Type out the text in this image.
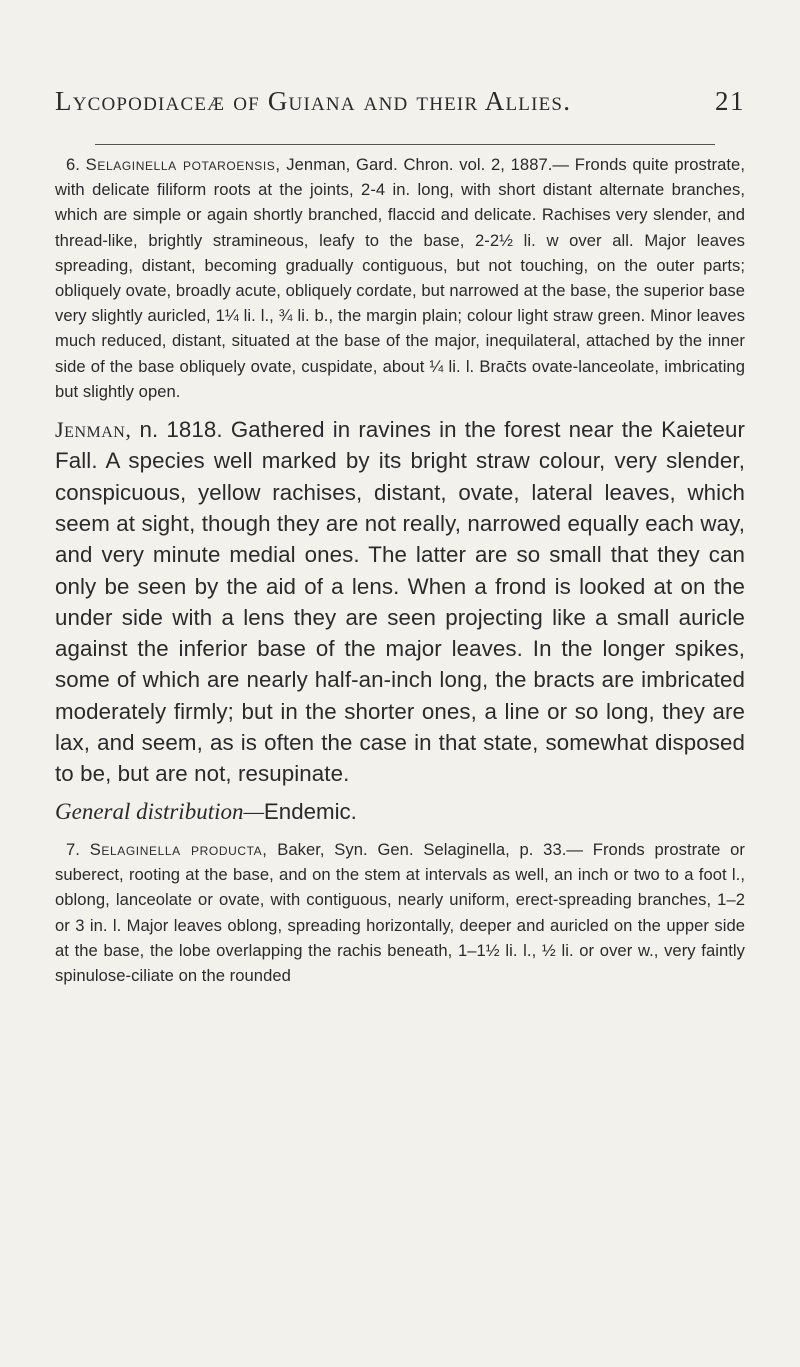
Lycopodiaceæ of Guiana and their Allies.	21

6. Selaginella potaroensis, Jenman, Gard. Chron. vol. 2, 1887.— Fronds quite prostrate, with delicate filiform roots at the joints, 2-4 in. long, with short distant alternate branches, which are simple or again shortly branched, flaccid and delicate. Rachises very slender, and thread-like, brightly stramineous, leafy to the base, 2-2½ li. w over all. Major leaves spreading, distant, becoming gradually contiguous, but not touching, on the outer parts; obliquely ovate, broadly acute, obliquely cordate, but narrowed at the base, the superior base very slightly auricled, 1¼ li. l., ¾ li. b., the margin plain; colour light straw green. Minor leaves much reduced, distant, situated at the base of the major, inequilateral, attached by the inner side of the base obliquely ovate, cuspidate, about ¼ li. l. Brac̄ts ovate-lanceolate, imbricating but slightly open.

Jenman, n. 1818. Gathered in ravines in the forest near the Kaieteur Fall. A species well marked by its bright straw colour, very slender, conspicuous, yellow rachises, distant, ovate, lateral leaves, which seem at sight, though they are not really, narrowed equally each way, and very minute medial ones. The latter are so small that they can only be seen by the aid of a lens. When a frond is looked at on the under side with a lens they are seen projecting like a small auricle against the inferior base of the major leaves. In the longer spikes, some of which are nearly half-an-inch long, the bracts are imbricated moderately firmly; but in the shorter ones, a line or so long, they are lax, and seem, as is often the case in that state, somewhat disposed to be, but are not, resupinate.

General distribution—Endemic.

7. Selaginella producta, Baker, Syn. Gen. Selaginella, p. 33.— Fronds prostrate or suberect, rooting at the base, and on the stem at intervals as well, an inch or two to a foot l., oblong, lanceolate or ovate, with contiguous, nearly uniform, erect-spreading branches, 1–2 or 3 in. l. Major leaves oblong, spreading horizontally, deeper and auricled on the upper side at the base, the lobe overlapping the rachis beneath, 1–1½ li. l., ½ li. or over w., very faintly spinulose-ciliate on the rounded
